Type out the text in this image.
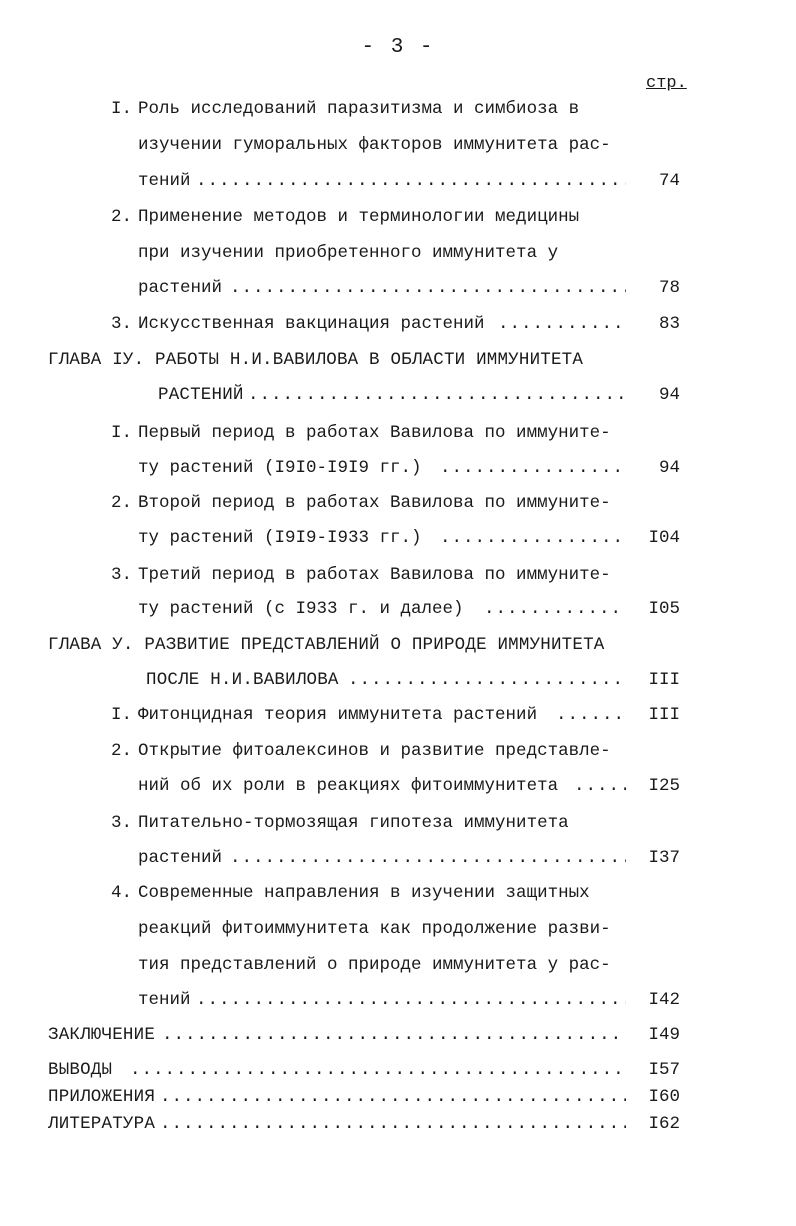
- 3 -
стр.
I. Роль исследований паразитизма и симбиоза в
изучении гуморальных факторов иммунитета рас-
тений .....	74
2. Применение методов и терминологии медицины
при изучении приобретенного иммунитета у
растений .....	78
3. Искусственная вакцинация растений .....	83
ГЛАВА IУ. РАБОТЫ Н.И.ВАВИЛОВА В ОБЛАСТИ ИММУНИТЕТА
РАСТЕНИЙ .....	94
I. Первый период в работах Вавилова по иммуните-
ту растений (I9I0-I9I9 гг.) .....	94
2. Второй период в работах Вавилова по иммуните-
ту растений (I9I9-I933 гг.) .....	I04
3. Третий период в работах Вавилова по иммуните-
ту растений (с I933 г. и далее) .....	I05
ГЛАВА У. РАЗВИТИЕ ПРЕДСТАВЛЕНИЙ О ПРИРОДЕ ИММУНИТЕТА
ПОСЛЕ Н.И.ВАВИЛОВА .....	III
I. Фитонцидная теория иммунитета растений .....	III
2. Открытие фитоалексинов и развитие представле-
ний об их роли в реакциях фитоиммунитета .....	I25
3. Питательно-тормозящая гипотеза иммунитета
растений .....	I37
4. Современные направления в изучении защитных
реакций фитоиммунитета как продолжение разви-
тия представлений о природе иммунитета у рас-
тений .....	I42
ЗАКЛЮЧЕНИЕ .....	I49
ВЫВОДЫ .....	I57
ПРИЛОЖЕНИЯ .....	I60
ЛИТЕРАТУРА .....	I62
